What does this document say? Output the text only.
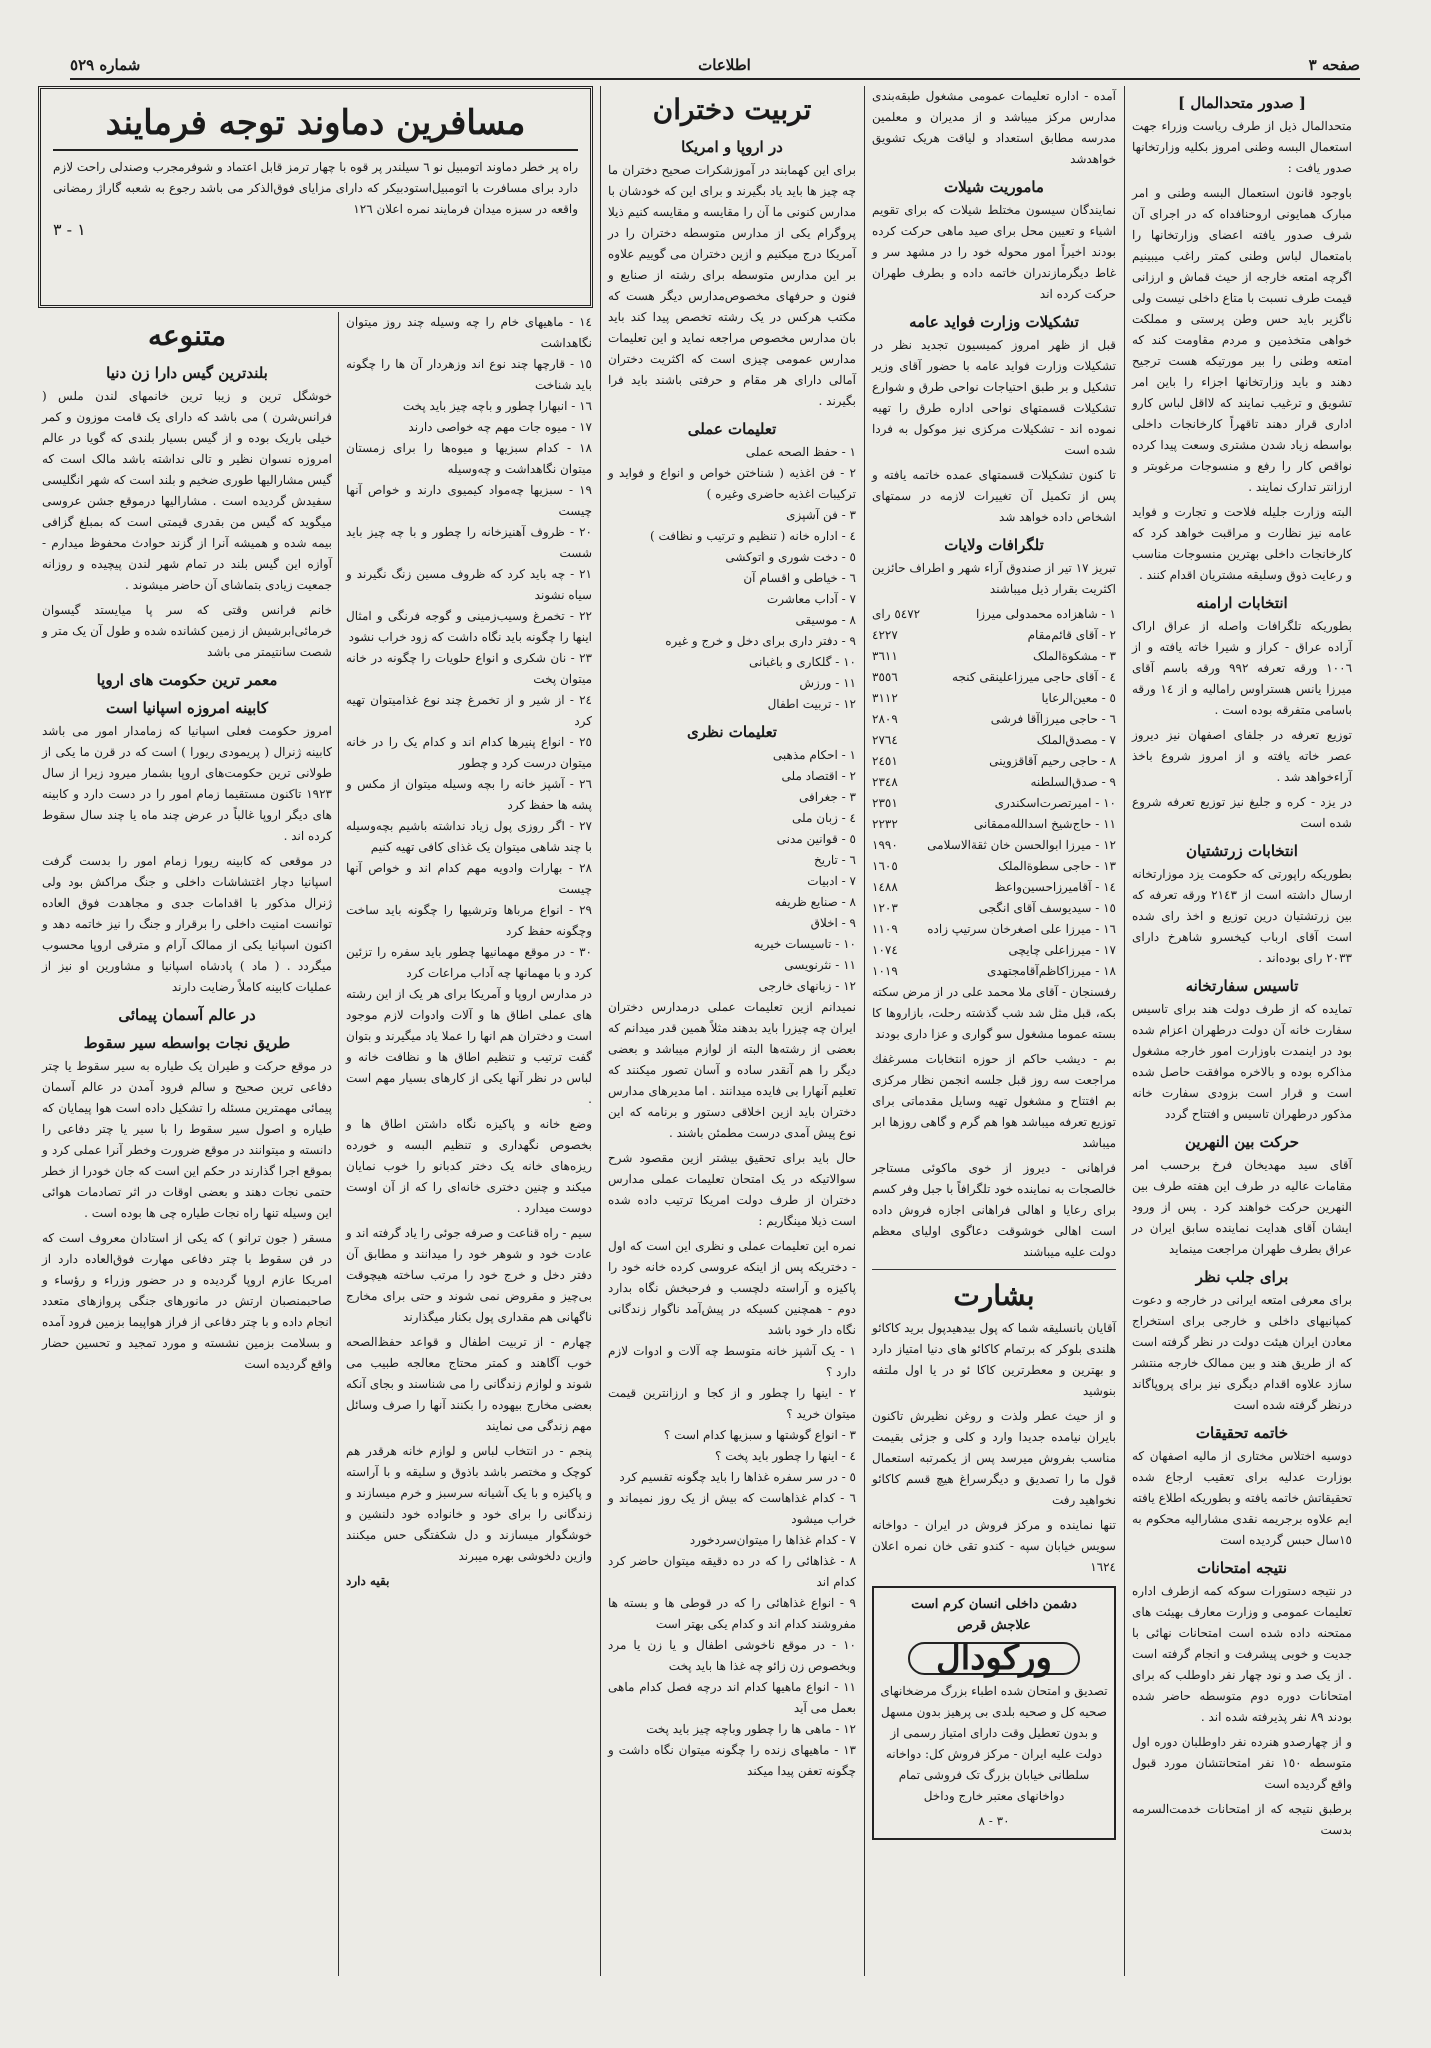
صفحه ٣
اطلاعات
شماره ٥٢٩
[ صدور متحدالمال ]

متحدالمال ذیل از طرف ریاست وزراء جهت استعمال البسه وطنی امروز بکلیه وزارتخانها صدور یافت :

باوجود قانون استعمال البسه وطنی و امر مبارک همایونی اروحنافداه که در اجرای آن شرف صدور یافته اعضای وزارتخانها را بامتعمال لباس وطنی کمتر راغب میبینیم اگرچه امتعه خارجه از حیث قماش و ارزانی قیمت طرف نسبت با متاع داخلی نیست ولی ناگزیر باید حس وطن پرستی و مملکت خواهی متخذ‌مین و مردم مقاومت کند که امتعه وطنی را بیر مورتیکه هست ترجیح دهند و باید وزارتخانها اجزاء را باین امر تشویق و ترغیب نمایند که لااقل لباس کارو اداری قرار دهند تاقهراً کارخانجات داخلی بواسطه زیاد شدن مشتری وسعت پیدا کرده نواقص کار را رفع و منسوجات مرغوبتر و ارزانتر تدارک نمایند .

البته وزارت جلیله فلاحت و تجارت و فواید عامه نیز نظارت و مراقبت خواهد کرد که کارخانجات داخلی بهترین منسوجات مناسب و رعایت ذوق وسلیقه مشتریان اقدام کنند .

انتخابات ارامنه

بطوریکه تلگرافات واصله از عراق اراک آراده عراق - کراز و شیرا خاته یافته و از ١٠٠٦ ورقه تعرفه ٩٩٢ ورقه باسم آقای میرزا یانس هستراوس رامالیه و از ١٤ ورقه باسامی متفرقه بوده است .

توزیع تعرفه در جلفای اصفهان نیز دیروز عصر خاته یافته و از امروز شروع باخذ آراءخواهد شد .

در یزد - کره و جلیغ نیز توزیع تعرفه شروع شده است

انتخابات زرتشتیان

بطوریکه راپورتی که حکومت یزد موزارتخانه ارسال داشته است از ٢١٤٣ ورقه تعرفه که بین زرتشتیان درین توزیع و اخذ رای شده است آقای ارباب کیخسرو شاهرخ دارای ٢٠٣٣ رای بوده‌اند .

تاسیس سفارتخانه

تمایده که از طرف دولت هند برای تاسیس سفارت خانه آن دولت درطهران اعزام شده بود در اینمدت باوزارت امور خارجه مشغول مذاکره بوده و بالاخره موافقت حاصل شده است و قرار است بزودی سفارت خانه مذکور درطهران تاسیس و افتتاح گردد

حرکت بین النهرین

آقای سید مهدیخان فرخ برحسب امر مقامات عالیه در طرف این هفته طرف بین النهرین حرکت خواهند کرد . پس از ورود ایشان آقای هدایت نماینده سابق ایران در عراق بطرف طهران مراجعت مینماید

برای جلب نظر

برای معرفی امتعه ایرانی در خارجه و دعوت کمپانیهای داخلی و خارجی برای استخراج معادن ایران هیئت دولت در نظر گرفته است که از طریق هند و بین ممالک خارجه منتشر سازد علاوه اقدام دیگری نیز برای پروپاگاند درنظر گرفته شده است

خاتمه تحقیقات

دوسیه اختلاس مختاری از مالیه اصفهان که بوزارت عدلیه برای تعقیب ارجاع شده تحقیقاتش خاتمه یافته و بطوریکه اطلاع یافته ایم علاوه برجریمه نقدی مشارالیه محکوم به ١٥سال حبس گردیده است

نتیجه امتحانات

در نتیجه دستورات سوکه کمه ازطرف اداره تعلیمات عمومی و وزارت معارف بهیئت های ممتحنه داده شده است امتحانات نهائی با جدیت و خوبی پیشرفت و انجام گرفته است . از یک صد و نود چهار نفر داوطلب که برای امتحانات دوره دوم متوسطه حاضر شده بودند ٨٩ نفر پذیرفته شده اند .

و از چهارصدو هنرده نفر داوطلبان دوره اول متوسطه ١٥٠ نفر امتحانتشان مورد قبول واقع گردیده است

برطبق نتیجه که از امتحانات خدمت‌السرمه بدست

آمده - اداره تعلیمات عمومی مشغول طبقه‌بندی مدارس مرکز میباشد و از مدیران و معلمین مدرسه مطابق استعداد و لیاقت هریک تشویق خواهدشد

ماموریت شیلات

نمایندگان سیسون مختلط شیلات که برای تقویم اشیاء و تعیین محل برای صید ماهی حرکت کرده بودند اخیراً امور محوله خود را در مشهد سر و غاط دیگرمازندران خاتمه داده و بطرف طهران حرکت کرده اند

تشکیلات وزارت فواید عامه

قبل از ظهر امروز کمیسیون تجدید نظر در تشکیلات وزارت فواید عامه با حضور آقای وزیر تشکیل و بر طبق احتیاجات نواحی طرق و شوارع تشکیلات قسمتهای نواحی اداره طرق را تهیه نموده اند - تشکیلات مرکزی نیز موکول به فردا شده است

تا کنون تشکیلات قسمتهای عمده خاتمه یافته و پس از تکمیل آن تغییرات لازمه در سمتهای اشخاص داده خواهد شد

تلگرافات ولایات

تبریز ١٧ تیر از صندوق آراء شهر و اطراف حائزین اکثریت بقرار ذیل میباشند

١ - شاهزاده محمدولی میرزا
٥٤٧٢ رای
٢ - آقای قائم‌مقام
٤٢٢٧
٣ - مشکوةالملک
٣٦١١
٤ - آقای حاجی میرزاعلینقی کنجه
٣٥٥٦
٥ - معین‌الرعایا
٣١١٢
٦ - حاجی میرزاآقا فرشی
٢٨٠٩
٧ - مصدق‌الملک
٢٧٦٤
٨ - حاجی رحیم آقاقزوینی
٢٤٥١
٩ - صدق‌السلطنه
٢٣٤٨
١٠ - امیرتصرت‌اسکندری
٢٣٥١
١١ - حاج‌شیخ اسدالله‌ممقانی
٢٢٣٢
١٢ - میرزا ابوالحسن خان ثقةالاسلامی
١٩٩٠
١٣ - حاجی سطوةالملک
١٦٠٥
١٤ - آقامیرزاحسین‌واعظ
١٤٨٨
١٥ - سیدیوسف آقای انگجی
١٢٠٣
١٦ - میرزا علی اصغرخان سرتیپ زاده
١١٠٩
١٧ - میرزاعلی چایچی
١٠٧٤
١٨ - میرزاکاظم‌آقامجتهدی
١٠١٩

رفسنجان - آقای ملا محمد علی در از مرض سکته بکه، قبل مثل شد شب گذشته رحلت، بازاروها کا بسته عموما مشغول سو گواری و عزا داری بودند

بم - دیشب حاکم از حوزه انتخابات مسرغفك مراجعت سه روز قبل جلسه انجمن نظار مركزی بم افتتاح و مشغول تهيه وسايل مقدماتی برای توزیع تعرفه میباشد هوا هم گرم و گاهی روزها ابر میباشد

فراهانی - دیروز از خوی ماکوئی مستاجر خالصجات به نماینده خود تلگرافاً با جبل وفر کسم برای رعایا و اهالی فراهانی اجازه فروش داده است اهالی خوشوقت دعاگوی اولیای معظم دولت علیه میباشند

بشارت

آقایان بانسلیقه شما که پول بیدهیدپول برید کاکائو هلندی بلوکر که برتمام کاکائو های دنیا امتیاز دارد و بهترین و معطرترین کاکا ئو در یا اول ملتفه بنوشید

و از حیث عطر ولذت و روغن نظیرش تاکنون بایران نیامده جدیدا وارد و کلی و جزئی بقیمت مناسب بفروش میرسد پس از یکمرتبه استعمال قول ما را تصدیق و دیگرسراغ هیچ قسم کاکائو نخواهید رفت

تنها نماینده و مرکز فروش در ایران - دواخانه سویس خیابان سپه - کندو تقی خان نمره اعلان ١٦٢٤

دشمن داخلی انسان کرم است
علاجش قرص
ورکودال

تصدیق و امتحان شده اطباء بزرگ مرضخانهای صحیه کل و صحیه بلدی بی پرهیز بدون مسهل و بدون تعطیل وقت دارای امتیاز رسمی از دولت علیه ایران - مرکز فروش کل: دواخانه سلطانی خیابان بزرگ تک فروشی تمام دواخانهای معتبر خارج وداخل

٣٠ - ٨
تربیت دختران
در اروپا و امریکا

برای این کهمابند در آموزشکرات صحیح دختران ما چه چیز ها باید یاد بگیرند و برای این که خودشان با مدارس کنونی ما آن را مقایسه و مقایسه کنیم ذیلا پروگرام یکی از مدارس متوسطه دختران را در آمریکا درج میکنیم و ازین دختران می گوییم علاوه بر این مدارس متوسطه برای رشته از صنایع و فنون و حرفهای مخصوص‌مدارس دیگر هست که مکتب هرکس در یک رشته تخصص پیدا کند باید بان مدارس مخصوص مراجعه نماید و این تعلیمات مدارس عمومی چیزی است که اکثریت دختران آمالی دارای هر مقام و حرفتی باشند باید فرا بگیرند .

تعلیمات عملی
١ - حفظ الصحه عملی
٢ - فن اغذیه ( شناختن خواص و انواع و فواید و ترکیبات اغذیه حاضری وغیره )
٣ - فن آشپزی
٤ - اداره خانه ( تنظیم و ترتیب و نظافت )
٥ - دخت شوری و اتوکشی
٦ - خیاطی و اقسام آن
٧ - آداب معاشرت
٨ - موسیقی
٩ - دفتر داری برای دخل و خرج و غیره
١٠ - گلکاری و باغبانی
١١ - ورزش
١٢ - تربیت اطفال
تعلیمات نظری
١ - احکام مذهبی
٢ - اقتصاد ملی
٣ - جغرافی
٤ - زبان ملی
٥ - قوانین مدنی
٦ - تاریخ
٧ - ادبیات
٨ - صنایع ظریفه
٩ - اخلاق
١٠ - تاسیسات خیریه
١١ - نثرنویسی
١٢ - زبانهای خارجی

نمیدانم ازین تعلیمات عملی درمدارس دختران ایران چه چیزرا باید بدهند مثلاً همین قدر میدانم که بعضی از رشته‌ها البته از لوازم میباشد و بعضی دیگر را هم آنقدر ساده و آسان تصور میکنند که تعلیم آنهارا بی فایده میدانند . اما مدیرهای مدارس دختران باید ازین اخلاقی دستور و برنامه که این نوع پیش آمدی درست مطمئن باشند .

حال باید برای تحقیق بیشتر ازین مقصود شرح سوالاتیکه در یک امتحان تعلیمات عملی مدارس دختران از طرف دولت امریکا ترتیب داده شده است ذیلا مینگاریم :

نمره این تعلیمات عملی و نظری این است که اول - دختریکه پس از اینکه عروسی کرده خانه خود را پاکیزه و آراسته دلچسب و فرحبخش نگاه بدارد دوم - همچنین کسیکه در پیش‌آمد ناگوار زندگانی نگاه دار خود باشد
١ - یک آشپز خانه متوسط چه آلات و ادوات لازم دارد ؟
٢ - اینها را چطور و از کجا و ارزانترین قیمت میتوان خرید ؟
٣ - انواع گوشتها و سبزیها کدام است ؟
٤ - اینها را چطور باید پخت ؟
٥ - در سر سفره غذاها را باید چگونه تقسیم کرد
٦ - کدام غذاهاست که بیش از یک روز نمیماند و خراب میشود
٧ - کدام غذاها را میتوان‌سردخورد
٨ - غذاهائی را که در ده دقیقه میتوان حاضر کرد کدام اند
٩ - انواع غذاهائی را که در قوطی ها و بسته ها مفروشند کدام اند و کدام یکی بهتر است
١٠ - در موقع ناخوشی اطفال و یا زن یا مرد وبخصوص زن زائو چه غذا ها باید پخت
١١ - انواع ماهیها کدام اند درچه فصل کدام ماهی بعمل می آید
١٢ - ماهی ها را چطور وباچه چیز باید پخت
١٣ - ماهیهای زنده را چگونه میتوان نگاه داشت و چگونه تعفن پیدا میکند
١٤ - ماهیهای خام را چه وسیله چند روز میتوان نگاهداشت
١٥ - قارچها چند نوع اند وزهردار آن ها را چگونه باید شناخت
١٦ - انبهارا چطور و باچه چیز باید پخت
١٧ - میوه جات مهم چه خواصی دارند
١٨ - کدام سبزیها و میوه‌ها را برای زمستان میتوان نگاهداشت و چه‌وسیله
١٩ - سبزیها چه‌مواد کیمیوی دارند و خواص آنها چیست
٢٠ - ظروف آهنیز‌خانه را چطور و با چه چیز باید شست
٢١ - چه باید کرد که ظروف مسین زنگ نگیرند و سیاه نشوند
٢٢ - تخمرغ وسیب‌زمینی و گوجه فرنگی و امثال اینها را چگونه باید نگاه داشت که زود خراب نشود
٢٣ - نان شکری و انواع حلویات را چگونه در خانه میتوان پخت
٢٤ - از شیر و از تخمرغ چند نوع غذامیتوان تهیه کرد
٢٥ - انواع پنیرها کدام اند و کدام یک را در خانه میتوان درست کرد و چطور
٢٦ - آشپز خانه را بچه وسیله میتوان از مکس و پشه ها حفظ کرد
٢٧ - اگر روزی پول زیاد نداشته باشیم بچه‌وسیله با چند شاهی میتوان یک غذای کافی تهیه کنیم
٢٨ - بهارات وادویه مهم کدام اند و خواص آنها چیست
٢٩ - انواع مرباها وترشیها را چگونه باید ساخت وچگونه حفظ کرد
٣٠ - در موقع مهمانیها چطور باید سفره را تزئین کرد و با مهمانها چه آداب مراعات کرد

در مدارس اروپا و آمریکا برای هر یک از این رشته های عملی اطاق ها و آلات وادوات لازم موجود است و دختران هم انها را عملا یاد میگیرند و بتوان گفت ترتیب و تنظیم اطاق ها و نظافت خانه و لباس در نظر آنها یکی از کارهای بسیار مهم است .

وضع خانه و پاکیزه نگاه داشتن اطاق ها و بخصوص نگهداری و تنظیم البسه و خورده ریزه‌های خانه یک دختر کدبانو را خوب نمایان میکند و چنین دختری خانه‌ای را که از آن اوست دوست میدارد .

سیم - راه قناعت و صرفه جوئی را یاد گرفته اند و عادت خود و شوهر خود را میدانند و مطابق آن دفتر دخل و خرج خود را مرتب ساخته هیچوقت بی‌چیز و مقروض نمی شوند و حتی برای مخارج ناگهانی هم مقداری پول بکنار میگذارند

چهارم - از تربیت اطفال و قواعد حفظ‌الصحه خوب آگاهند و کمتر محتاج معالجه طبیب می شوند و لوازم زندگانی را می شناسند و بجای آنکه بعضی مخارج بیهوده را بکنند آنها را صرف وسائل مهم زندگی می نمایند

پنجم - در انتخاب لباس و لوازم خانه هرقدر هم کوچک و مختصر باشد باذوق و سلیقه و با آراسته و پاکیزه و با یک آشیانه سرسبز و خرم میسازند و زندگانی را برای خود و خانواده خود دلنشین و خوشگوار میسازند و دل شکفتگی حس میکنند وازین دلخوشی بهره میبرند

بقیه دارد
مسافرین دماوند توجه فرمایند
راه پر خطر دماوند اتومبیل نو ٦ سیلندر پر قوه با چهار ترمز قابل اعتماد و شوفرمجرب وصندلی راحت لازم دارد برای مسافرت با اتومبیل‌استودبیکر که دارای مزایای فوق‌الذکر می باشد رجوع به شعبه گاراژ رمضانی واقعه در سبزه میدان فرمایند نمره اعلان ١٢٦
١ - ٣
متنوعه
بلندترین گیس دارا زن دنیا

خوشگل ترین و زیبا ترین خانمهای لندن ملس ( فرانس‌شرن ) می باشد که دارای یک قامت موزون و کمر خیلی باریک بوده و از گیس بسیار بلندی که گویا در عالم امروزه نسوان نظیر و تالی نداشته باشد مالک است که گیس مشارالیها طوری ضخیم و بلند است که شهر انگلیسی سفیدش گردیده است . مشارالیها درموقع جشن عروسی میگوید که گیس من بقدری قیمتی است که بمبلغ گزافی بیمه شده و همیشه آنرا از گزند حوادث محفوظ میدارم - آوازه این گیس بلند در تمام شهر لندن پیچیده و روزانه جمعیت زیادی بتماشای آن حاضر میشوند .

خانم فرانس وقتی که سر پا میایستد گیسوان خرمائی‌ابرشیش از زمین کشانده شده و طول آن یک متر و شصت سانتیمتر می باشد

معمر ترین حکومت های اروپا
کابینه امروزه اسپانیا است

امروز حکومت فعلی اسپانیا که زمامدار امور می باشد کابینه ژنرال ( پریمودی ریورا ) است که در قرن ما یکی از طولانی ترین حکومت‌های اروپا بشمار میرود زیرا از سال ١٩٢٣ تاکنون مستقیما زمام امور را در دست دارد و کابینه های دیگر اروپا غالباً در عرض چند ماه یا چند سال سقوط کرده اند .

در موقعی که کابینه ریورا زمام امور را بدست گرفت اسپانیا دچار اغتشاشات داخلی و جنگ مراکش بود ولی ژنرال مذکور با اقدامات جدی و مجاهدت فوق العاده توانست امنیت داخلی را برقرار و جنگ را نیز خاتمه دهد و اکنون اسپانیا یکی از ممالک آرام و مترقی اروپا محسوب میگردد . ( ماد ) پادشاه اسپانیا و مشاورین او نیز از عملیات کابینه کاملاً رضایت دارند

در عالم آسمان پیمائی
طریق نجات بواسطه سیر سقوط

در موقع حرکت و طیران یک طیاره به سیر سقوط یا چتر دفاعی ترین صحیح و سالم فرود آمدن در عالم آسمان پیمائی مهمترین مسئله را تشکیل داده است هوا پیمایان که طیاره و اصول سیر سقوط را با سیر یا چتر دفاعی را دانسته و میتوانند در موقع ضرورت وخطر آنرا عملی کرد و بموقع اجرا گذارند در حکم این است که جان خودرا از خطر حتمی نجات دهند و بعضی اوقات در اثر تصادمات هوائی این وسیله تنها راه نجات طیاره چی ها بوده است .

مسقر ( جون ترانو ) که یکی از استادان معروف است که در فن سقوط با چتر دفاعی مهارت فوق‌العاده دارد از امریکا عازم اروپا گردیده و در حضور وزراء و رؤساء و صاحبمنصبان ارتش در مانورهای جنگی پروازهای متعدد انجام داده و با چتر دفاعی از فراز هواپیما بزمین فرود آمده و بسلامت بزمین نشسته و مورد تمجید و تحسین حضار واقع گردیده است
